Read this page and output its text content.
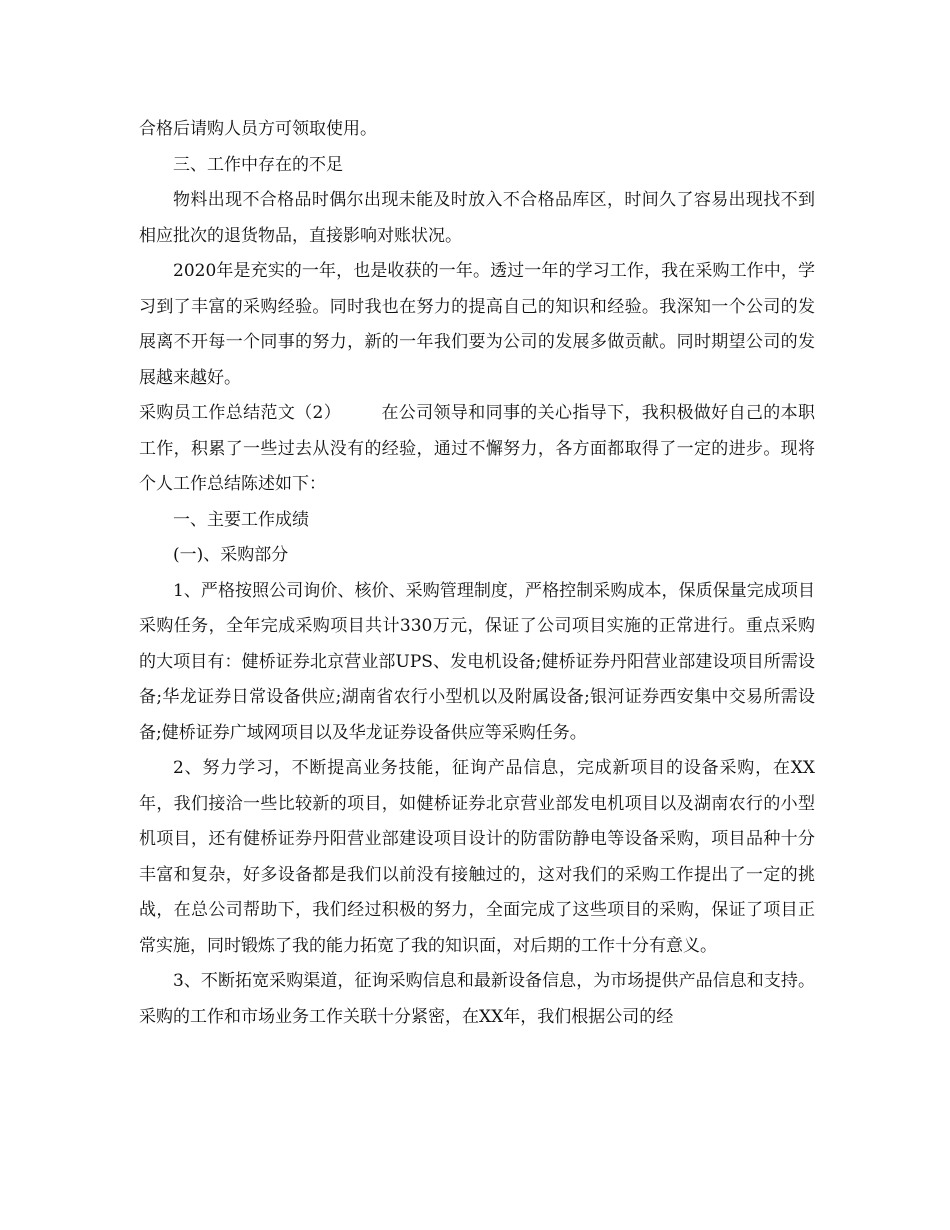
合格后请购人员方可领取使用。

三、工作中存在的不足

物料出现不合格品时偶尔出现未能及时放入不合格品库区，时间久了容易出现找不到相应批次的退货物品，直接影响对账状况。

2020年是充实的一年，也是收获的一年。透过一年的学习工作，我在采购工作中，学习到了丰富的采购经验。同时我也在努力的提高自己的知识和经验。我深知一个公司的发展离不开每一个同事的努力，新的一年我们要为公司的发展多做贡献。同时期望公司的发展越来越好。

采购员工作总结范文（2） 在公司领导和同事的关心指导下，我积极做好自己的本职工作，积累了一些过去从没有的经验，通过不懈努力，各方面都取得了一定的进步。现将个人工作总结陈述如下：

一、主要工作成绩

(一)、采购部分

1、严格按照公司询价、核价、采购管理制度，严格控制采购成本，保质保量完成项目采购任务，全年完成采购项目共计330万元，保证了公司项目实施的正常进行。重点采购的大项目有：健桥证券北京营业部UPS、发电机设备;健桥证券丹阳营业部建设项目所需设备;华龙证券日常设备供应;湖南省农行小型机以及附属设备;银河证券西安集中交易所需设备;健桥证券广域网项目以及华龙证券设备供应等采购任务。

2、努力学习，不断提高业务技能，征询产品信息，完成新项目的设备采购，在XX年，我们接洽一些比较新的项目，如健桥证券北京营业部发电机项目以及湖南农行的小型机项目，还有健桥证券丹阳营业部建设项目设计的防雷防静电等设备采购，项目品种十分丰富和复杂，好多设备都是我们以前没有接触过的，这对我们的采购工作提出了一定的挑战，在总公司帮助下，我们经过积极的努力，全面完成了这些项目的采购，保证了项目正常实施，同时锻炼了我的能力拓宽了我的知识面，对后期的工作十分有意义。

3、不断拓宽采购渠道，征询采购信息和最新设备信息，为市场提供产品信息和支持。采购的工作和市场业务工作关联十分紧密，在XX年，我们根据公司的经
